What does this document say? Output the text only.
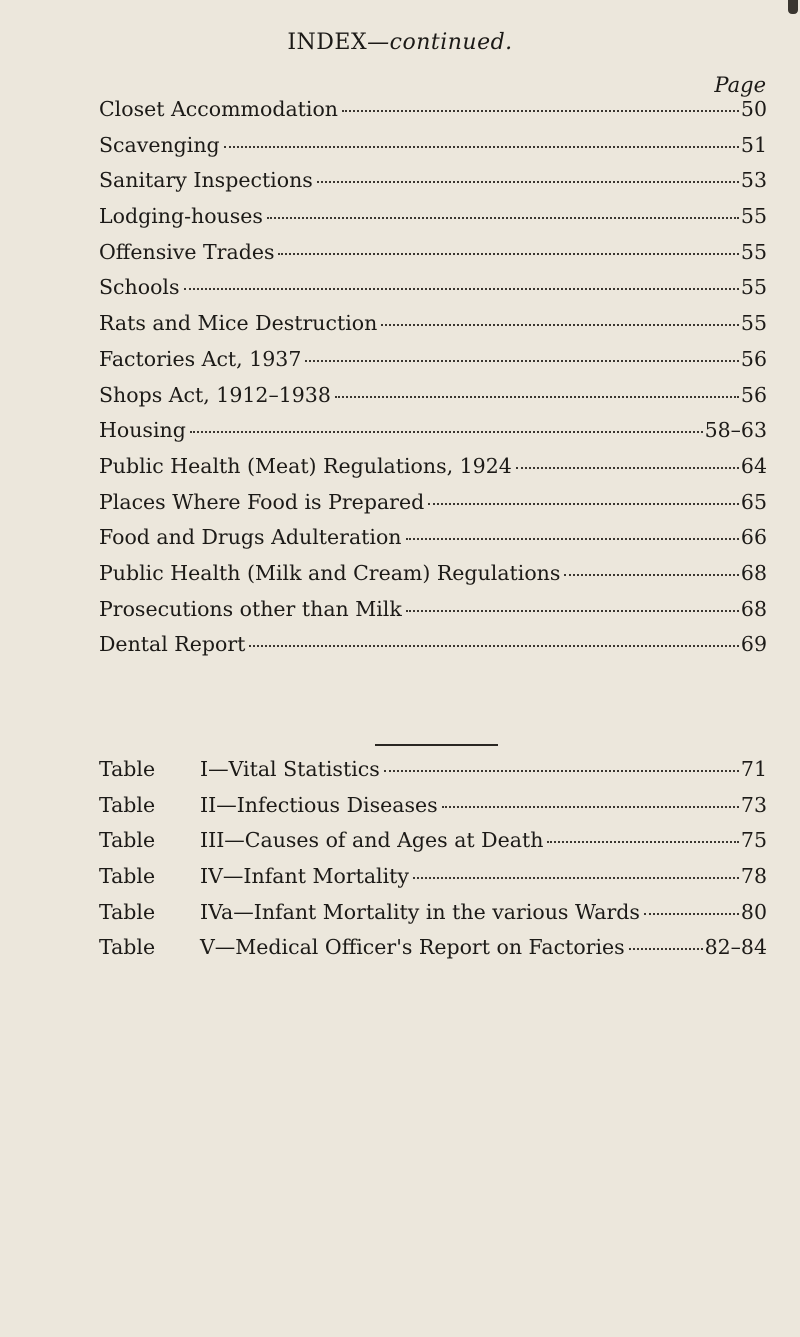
INDEX—continued.
Page
Closet Accommodation	50
Scavenging	51
Sanitary Inspections	53
Lodging-houses	55
Offensive Trades	55
Schools	55
Rats and Mice Destruction	55
Factories Act, 1937	56
Shops Act, 1912–1938	56
Housing	58–63
Public Health (Meat) Regulations, 1924	64
Places Where Food is Prepared	65
Food and Drugs Adulteration	66
Public Health (Milk and Cream) Regulations	68
Prosecutions other than Milk	68
Dental Report	69
Table I—Vital Statistics	71
Table II—Infectious Diseases	73
Table III—Causes of and Ages at Death	75
Table IV—Infant Mortality	78
Table IVa—Infant Mortality in the various Wards	80
Table V—Medical Officer's Report on Factories	82–84
